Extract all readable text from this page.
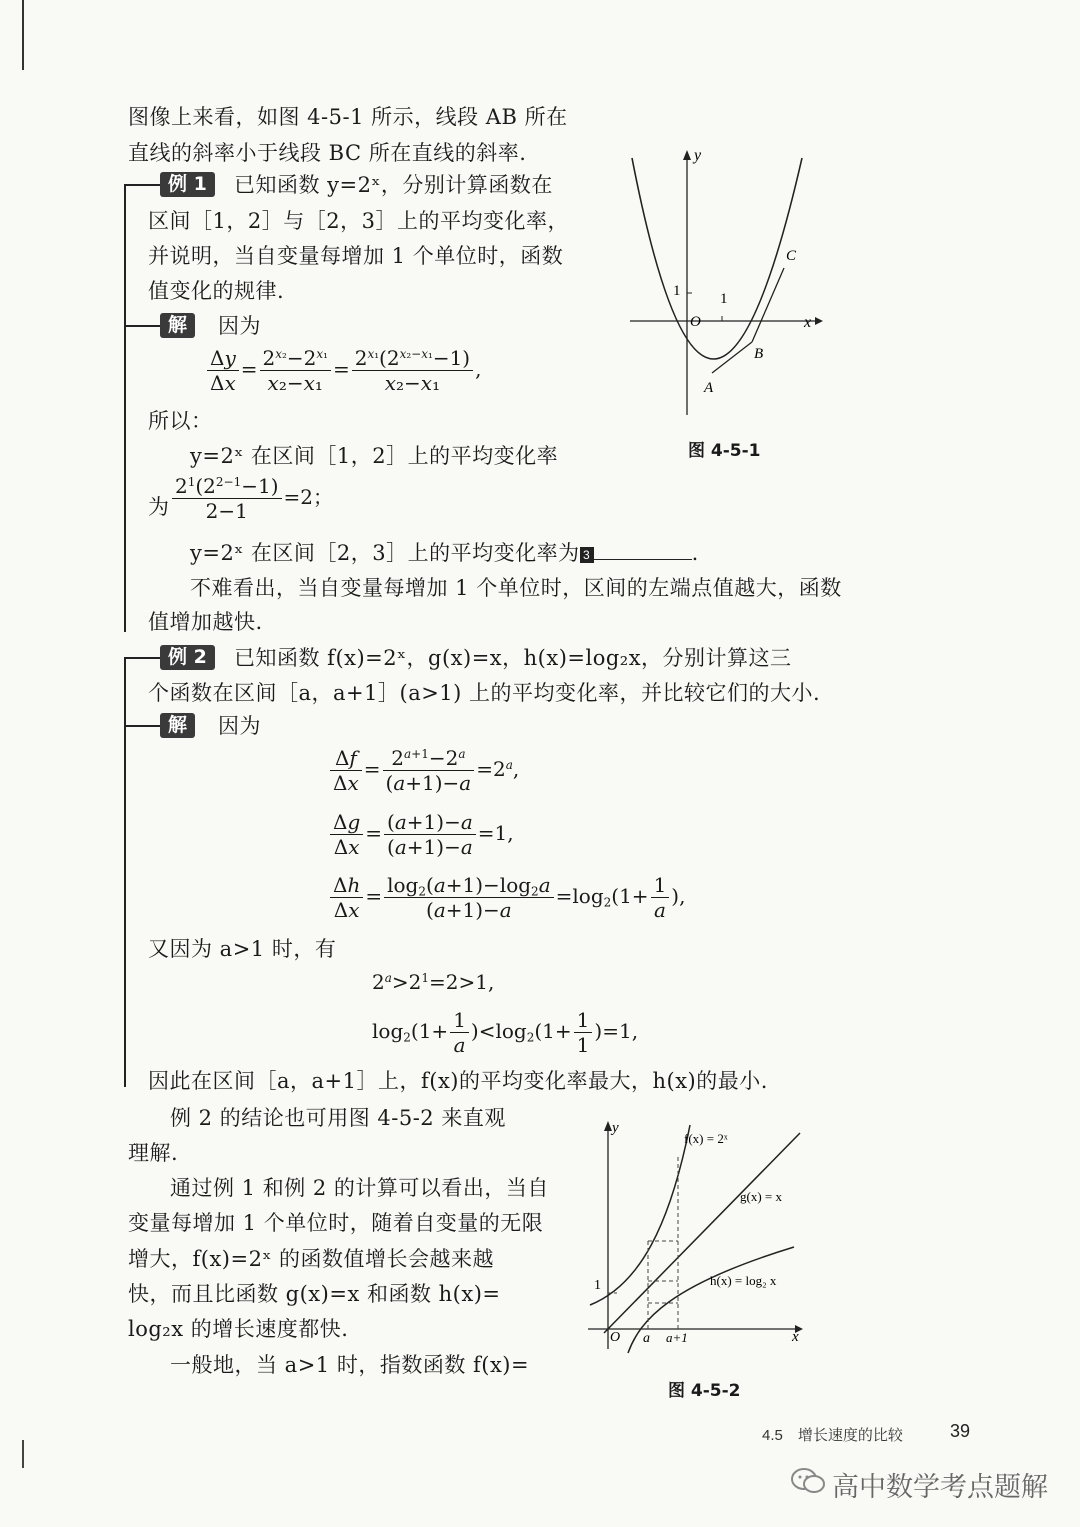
图像上来看，如图 4-5-1 所示，线段 AB 所在
直线的斜率小于线段 BC 所在直线的斜率.
例 1	已知函数 y=2ˣ，分别计算函数在
区间［1，2］与［2，3］上的平均变化率，
并说明，当自变量每增加 1 个单位时，函数
值变化的规律.
解	因为
$\frac{\Delta y}{\Delta x} = \frac{2^{x_2}-2^{x_1}}{\text{x₂−x₁}} = \frac{2^{x_1}(2^{x_2-x_1}-1)}{\text{x₂−x₁}}$ ,
所以：
y=2ˣ 在区间［1，2］上的平均变化率
为 $\frac{2^1(2^{2-1}-1)}{2-1} =2$；
y=2ˣ 在区间［2，3］上的平均变化率为 3	.
不难看出，当自变量每增加 1 个单位时，区间的左端点值越大，函数
值增加越快.
例 2	已知函数 f(x)=2ˣ，g(x)=x，h(x)=log₂x，分别计算这三
个函数在区间［a，a+1］(a>1) 上的平均变化率，并比较它们的大小.
解	因为
$\frac{\Delta f}{\Delta x} = \frac{2^{a+1}-2^a}{(a+1)-a} =2^a$,
$\frac{\Delta g}{\Delta x} = \frac{(a+1)-a}{(a+1)-a} =1$,
$\frac{\Delta h}{\Delta x} = \frac{\log_2(a+1)-\log_2a}{(a+1)-a} =\log_2(1+ \frac{1}{a}$ ),
又因为 a>1 时，有
$2^a>2^1=2>1$,
$\log_2(1+ \frac{1}{a} )<\log_2(1+ \frac{1}{1} )=1$,
因此在区间［a，a+1］上，f(x)的平均变化率最大，h(x)的最小.
例 2 的结论也可用图 4-5-2 来直观
理解.
通过例 1 和例 2 的计算可以看出，当自
变量每增加 1 个单位时，随着自变量的无限
增大，f(x)=2ˣ 的函数值增长会越来越
快，而且比函数 g(x)=x 和函数 h(x)=
log₂x 的增长速度都快.
一般地，当 a>1 时，指数函数 f(x)=
y
x
O
1	1
A
B
C
图 4-5-1
y
x
O
1
a a+1
f(x) = 2ˣ
g(x) = x
h(x) = log₂ x
图 4-5-2
4.5　增长速度的比较	39
高中数学考点题解
